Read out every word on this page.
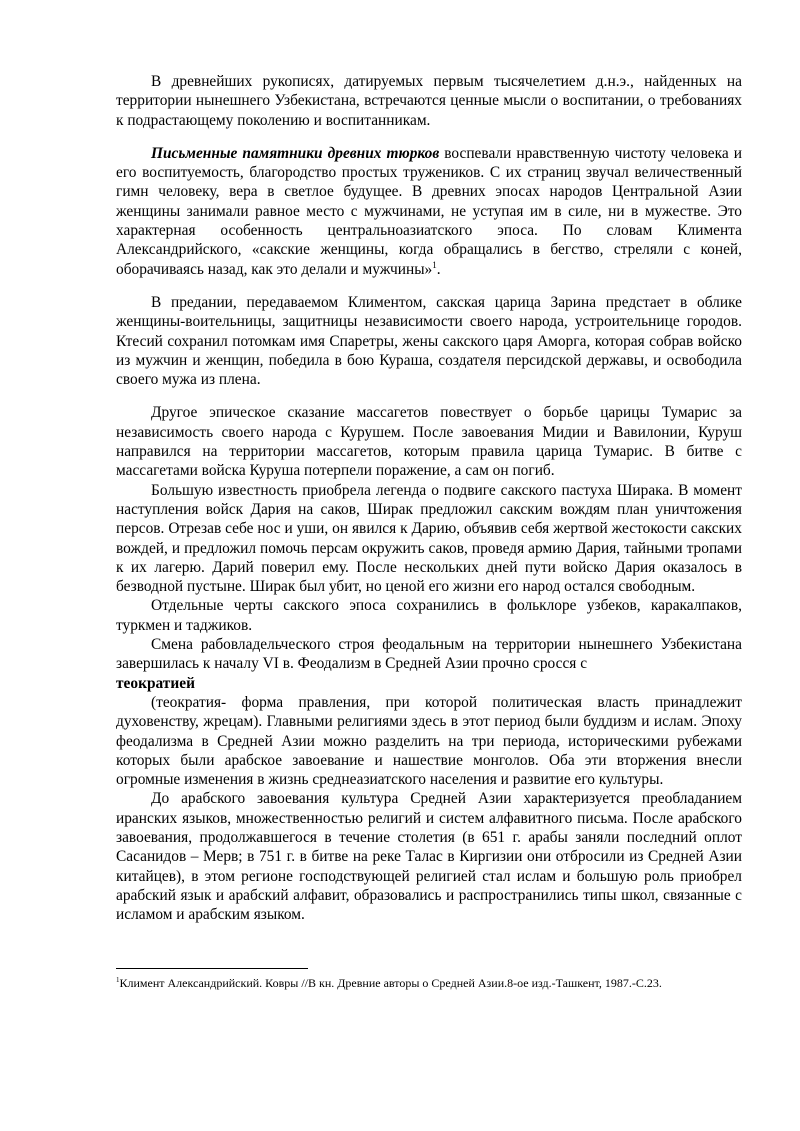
В древнейших рукописях, датируемых первым тысячелетием д.н.э., найденных на территории нынешнего Узбекистана, встречаются ценные мысли о воспитании, о требованиях к подрастающему поколению и воспитанникам.

Письменные памятники древних тюрков воспевали нравственную чистоту человека и его воспитуемость, благородство простых тружеников. С их страниц звучал величественный гимн человеку, вера в светлое будущее. В древних эпосах народов Центральной Азии женщины занимали равное место с мужчинами, не уступая им в силе, ни в мужестве. Это характерная особенность центральноазиатского эпоса. По словам Климента Александрийского, «сакские женщины, когда обращались в бегство, стреляли с коней, оборачиваясь назад, как это делали и мужчины»$^1$.

В предании, передаваемом Климентом, сакская царица Зарина предстает в облике женщины-воительницы, защитницы независимости своего народа, устроительнице городов. Ктесий сохранил потомкам имя Спаретры, жены сакского царя Аморга, которая собрав войско из мужчин и женщин, победила в бою Кураша, создателя персидской державы, и освободила своего мужа из плена.

Другое эпическое сказание массагетов повествует о борьбе царицы Тумарис за независимость своего народа с Курушем. После завоевания Мидии и Вавилонии, Куруш направился на территории массагетов, которым правила царица Тумарис. В битве с массагетами войска Куруша потерпели поражение, а сам он погиб.

Большую известность приобрела легенда о подвиге сакского пастуха Ширака. В момент наступления войск Дария на саков, Ширак предложил сакским вождям план уничтожения персов. Отрезав себе нос и уши, он явился к Дарию, объявив себя жертвой жестокости сакских вождей, и предложил помочь персам окружить саков, проведя армию Дария, тайными тропами к их лагерю. Дарий поверил ему. После нескольких дней пути войско Дария оказалось в безводной пустыне. Ширак был убит, но ценой его жизни его народ остался свободным.

Отдельные черты сакского эпоса сохранились в фольклоре узбеков, каракалпаков, туркмен и таджиков.

Смена рабовладельческого строя феодальным на территории нынешнего Узбекистана завершилась к началу VI в. Феодализм в Средней Азии прочно сросся с
теократией

(теократия- форма правления, при которой политическая власть принадлежит духовенству, жрецам). Главными религиями здесь в этот период были буддизм и ислам. Эпоху феодализма в Средней Азии можно разделить на три периода, историческими рубежами которых были арабское завоевание и нашествие монголов. Оба эти вторжения внесли огромные изменения в жизнь среднеазиатского населения и развитие его культуры.

До арабского завоевания культура Средней Азии характеризуется преобладанием иранских языков, множественностью религий и систем алфавитного письма. После арабского завоевания, продолжавшегося в течение столетия (в 651 г. арабы заняли последний оплот Сасанидов – Мерв; в 751 г. в битве на реке Талас в Киргизии они отбросили из Средней Азии китайцев), в этом регионе господствующей религией стал ислам и большую роль приобрел арабский язык и арабский алфавит, образовались и распространились типы школ, связанные с исламом и арабским языком.

$^1$Климент Александрийский. Ковры //В кн. Древние авторы о Средней Азии.8-ое изд.-Ташкент, 1987.-С.23.
